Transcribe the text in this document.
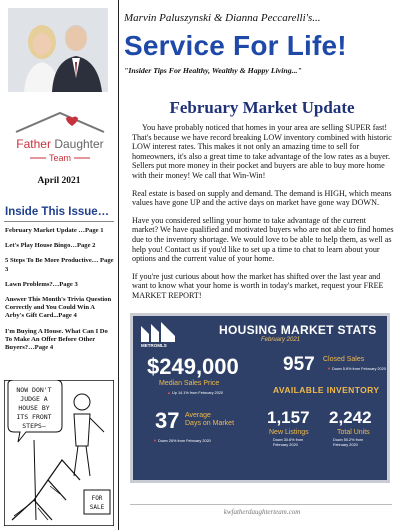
Father Daughter
Team
April 2021
Inside This Issue…
February Market Update …Page 1
Let's Play House Bingo…Page 2
5 Steps To Be More Productive… Page 3
Lawn Problems?…Page 3
Answer This Month's Trivia Question Correctly and You Could Win A Arby's Gift Card...Page 4
I'm Buying A House. What Can I Do To Make An Offer Before Other Buyers?…Page 4
NOW DON'T
JUDGE A
HOUSE BY
ITS FRONT
STEPS—
FOR
SALE
Marvin Paluszynski & Dianna Peccarelli's...
Service For Life!
"Insider Tips For Healthy, Wealthy & Happy Living..."
February Market Update

You have probably noticed that homes in your area are selling SUPER fast! That's because we have record breaking LOW inventory combined with historic LOW interest rates. This makes it not only an amazing time to sell for homeowners, it's also a great time to take advantage of the low rates as a buyer. Sellers put more money in their pocket and buyers are able to buy more home with their money! We call that Win-Win!

Real estate is based on supply and demand. The demand is HIGH, which means values have gone UP and the active days on market have gone way DOWN.

Have you considered selling your home to take advantage of the current market? We have qualified and motivated buyers who are not able to find homes due to the inventory shortage. We would love to be able to help them, as well as help you! Contact us if you'd like to set up a time to chat to learn about your options and the current value of your home.

If you're just curious about how the market has shifted over the last year and want to know what your home is worth in today's market, request your FREE MARKET REPORT!

METROMLS
HOUSING MARKET STATS
February 2021
$249,000
Median Sales Price
▲ Up 14.1% from February 2020
957 Closed Sales
▼ Down 5.6% from February 2020
AVAILABLE INVENTORY
37 Average
Days on Market
▼ Down 26% from February 2020
1,157
New Listings
Down 30.6% from
February 2020
2,242
Total Units
Down 50.2% from
February 2020
kwfatherdaughterteam.com
